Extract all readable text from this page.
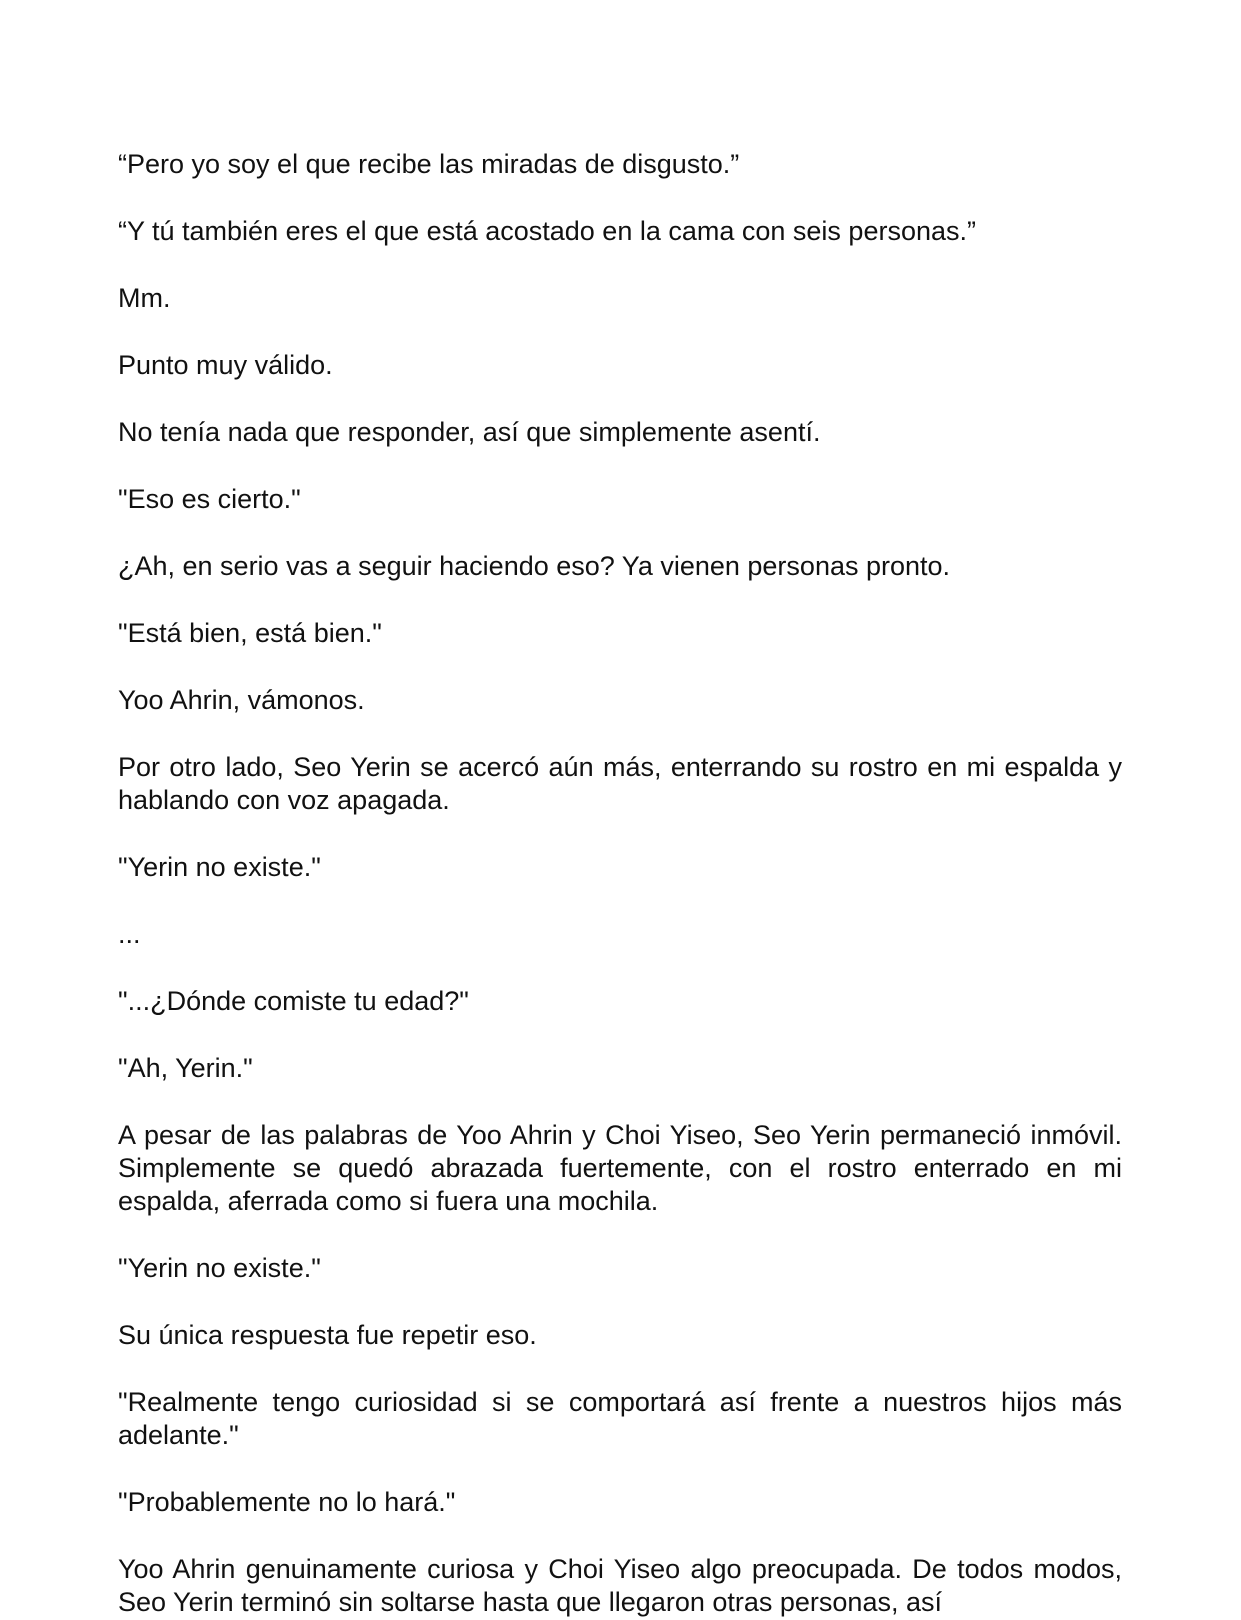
“Pero yo soy el que recibe las miradas de disgusto.”

“Y tú también eres el que está acostado en la cama con seis personas.”

Mm.

Punto muy válido.

No tenía nada que responder, así que simplemente asentí.

"Eso es cierto."

¿Ah, en serio vas a seguir haciendo eso? Ya vienen personas pronto.

"Está bien, está bien."

Yoo Ahrin, vámonos.

Por otro lado, Seo Yerin se acercó aún más, enterrando su rostro en mi espalda y hablando con voz apagada.

"Yerin no existe."

...

"...¿Dónde comiste tu edad?"

"Ah, Yerin."

A pesar de las palabras de Yoo Ahrin y Choi Yiseo, Seo Yerin permaneció inmóvil. Simplemente se quedó abrazada fuertemente, con el rostro enterrado en mi espalda, aferrada como si fuera una mochila.

"Yerin no existe."

Su única respuesta fue repetir eso.

"Realmente tengo curiosidad si se comportará así frente a nuestros hijos más adelante."

"Probablemente no lo hará."

Yoo Ahrin genuinamente curiosa y Choi Yiseo algo preocupada. De todos modos, Seo Yerin terminó sin soltarse hasta que llegaron otras personas, así
